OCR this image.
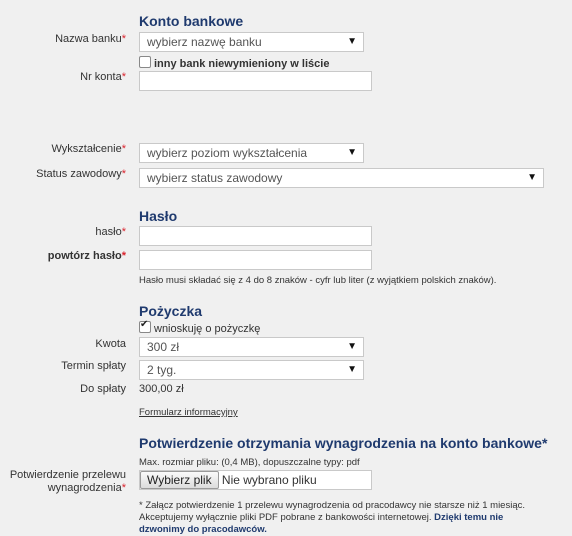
Konto bankowe
Nazwa banku*	wybierz nazwę banku	▼
inny bank niewymieniony w liście
Nr konta*
Wykształcenie*	wybierz poziom wykształcenia	▼
Status zawodowy*	wybierz status zawodowy	▼
Hasło
hasło*
powtórz hasło*
Hasło musi składać się z 4 do 8 znaków - cyfr lub liter (z wyjątkiem polskich znaków).
Pożyczka
✔wnioskuję o pożyczkę
Kwota	300 zł	▼
Termin spłaty	2 tyg.	▼
Do spłaty 300,00 zł
Formularz informacyjny
Potwierdzenie otrzymania wynagrodzenia na konto bankowe*
Max. rozmiar pliku: (0,4 MB), dopuszczalne typy: pdf
Potwierdzenie przelewu
wynagrodzenia*
Wybierz plik Nie wybrano pliku
* Załącz potwierdzenie 1 przelewu wynagrodzenia od pracodawcy nie starsze niż 1 miesiąc. Akceptujemy wyłącznie pliki PDF pobrane z bankowości internetowej. Dzięki temu nie dzwonimy do pracodawców.
